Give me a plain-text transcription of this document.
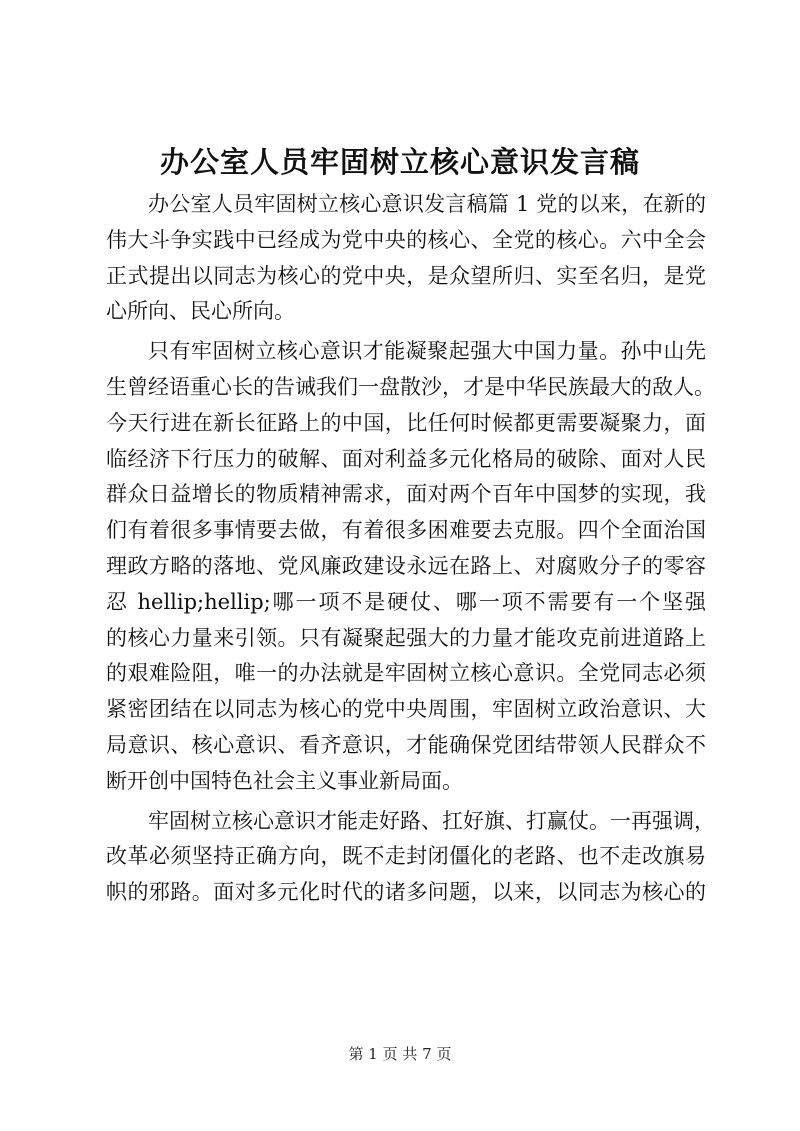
办公室人员牢固树立核心意识发言稿
办公室人员牢固树立核心意识发言稿篇 1 党的以来，在新的
伟大斗争实践中已经成为党中央的核心、全党的核心。六中全会
正式提出以同志为核心的党中央，是众望所归、实至名归，是党
心所向、民心所向。
只有牢固树立核心意识才能凝聚起强大中国力量。孙中山先
生曾经语重心长的告诫我们一盘散沙，才是中华民族最大的敌人。
今天行进在新长征路上的中国，比任何时候都更需要凝聚力，面
临经济下行压力的破解、面对利益多元化格局的破除、面对人民
群众日益增长的物质精神需求，面对两个百年中国梦的实现，我
们有着很多事情要去做，有着很多困难要去克服。四个全面治国
理政方略的落地、党风廉政建设永远在路上、对腐败分子的零容
忍 hellip;hellip;哪一项不是硬仗、哪一项不需要有一个坚强
的核心力量来引领。只有凝聚起强大的力量才能攻克前进道路上
的艰难险阻，唯一的办法就是牢固树立核心意识。全党同志必须
紧密团结在以同志为核心的党中央周围，牢固树立政治意识、大
局意识、核心意识、看齐意识，才能确保党团结带领人民群众不
断开创中国特色社会主义事业新局面。
牢固树立核心意识才能走好路、扛好旗、打赢仗。一再强调，
改革必须坚持正确方向，既不走封闭僵化的老路、也不走改旗易
帜的邪路。面对多元化时代的诸多问题，以来，以同志为核心的
第 1 页 共 7 页
